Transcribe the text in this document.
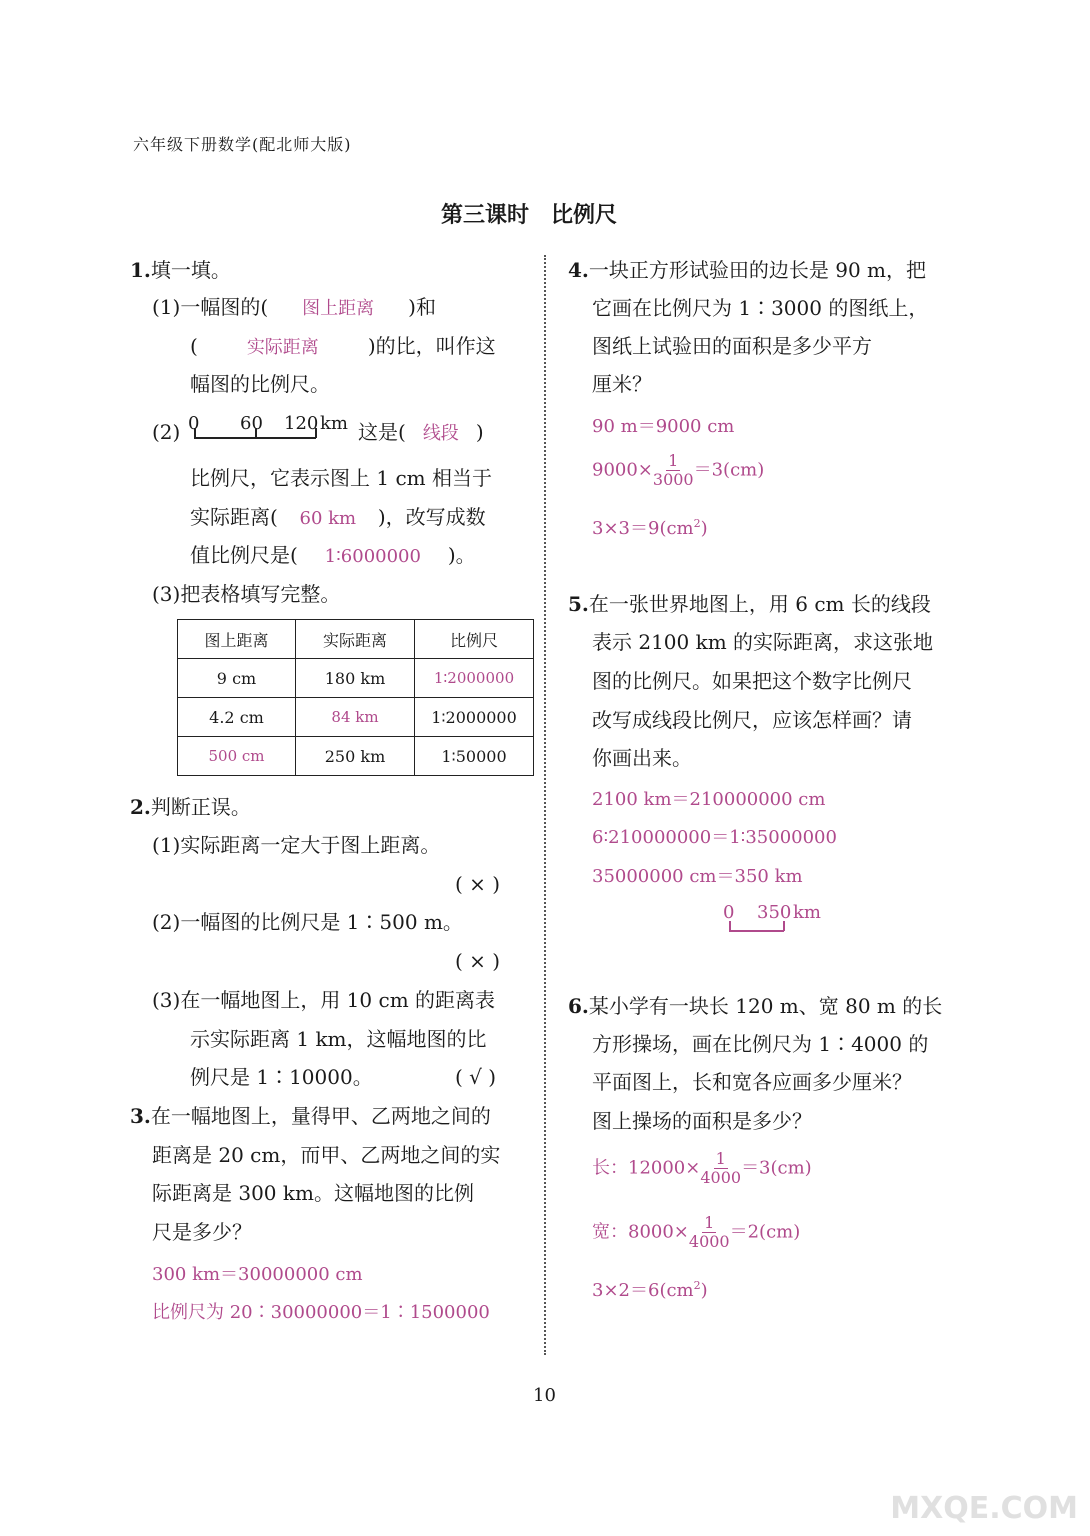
六年级下册数学(配北师大版)
第三课时　比例尺
1.填一填。
(1)一幅图的( 图上距离 )和
(	实际距离 )的比，叫作这
幅图的比例尺。
(2) 0 60 120 km 这是( 线段 )
比例尺，它表示图上 1 cm 相当于
实际距离( 60 km )，改写成数
值比例尺是( 1∶6000000 )。
(3)把表格填写完整。
图上距离	实际距离	比例尺
9 cm	180 km	1∶2000000
4.2 cm	84 km	1∶2000000
500 cm	250 km	1∶50000
2.判断正误。
(1)实际距离一定大于图上距离。
( × )
(2)一幅图的比例尺是 1∶500 m。
( × )
(3)在一幅地图上，用 10 cm 的距离表
示实际距离 1 km，这幅地图的比
例尺是 1∶10000。	( √ )
3.在一幅地图上，量得甲、乙两地之间的
距离是 20 cm，而甲、乙两地之间的实
际距离是 300 km。这幅地图的比例
尺是多少？
300 km＝30000000 cm
比例尺为 20∶30000000＝1∶1500000
4.一块正方形试验田的边长是 90 m，把
它画在比例尺为 1∶3000 的图纸上，
图纸上试验田的面积是多少平方
厘米？
90 m＝9000 cm
$9000\times \frac{1}{3000} =3(cm)$
$3\times 3=9(cm^2)$
5.在一张世界地图上，用 6 cm 长的线段
表示 2100 km 的实际距离，求这张地
图的比例尺。如果把这个数字比例尺
改写成线段比例尺，应该怎样画？请
你画出来。
2100 km＝210000000 cm
6∶210000000＝1∶35000000
35000000 cm＝350 km
0 350 km
6.某小学有一块长 120 m、宽 80 m 的长
方形操场，画在比例尺为 1∶4000 的
平面图上，长和宽各应画多少厘米？
图上操场的面积是多少？
长：$12000\times \frac{1}{4000} =3(cm)$
宽：$8000\times \frac{1}{4000} =2(cm)$
$3\times 2=6(cm^2)$
10
MXQE.COM
